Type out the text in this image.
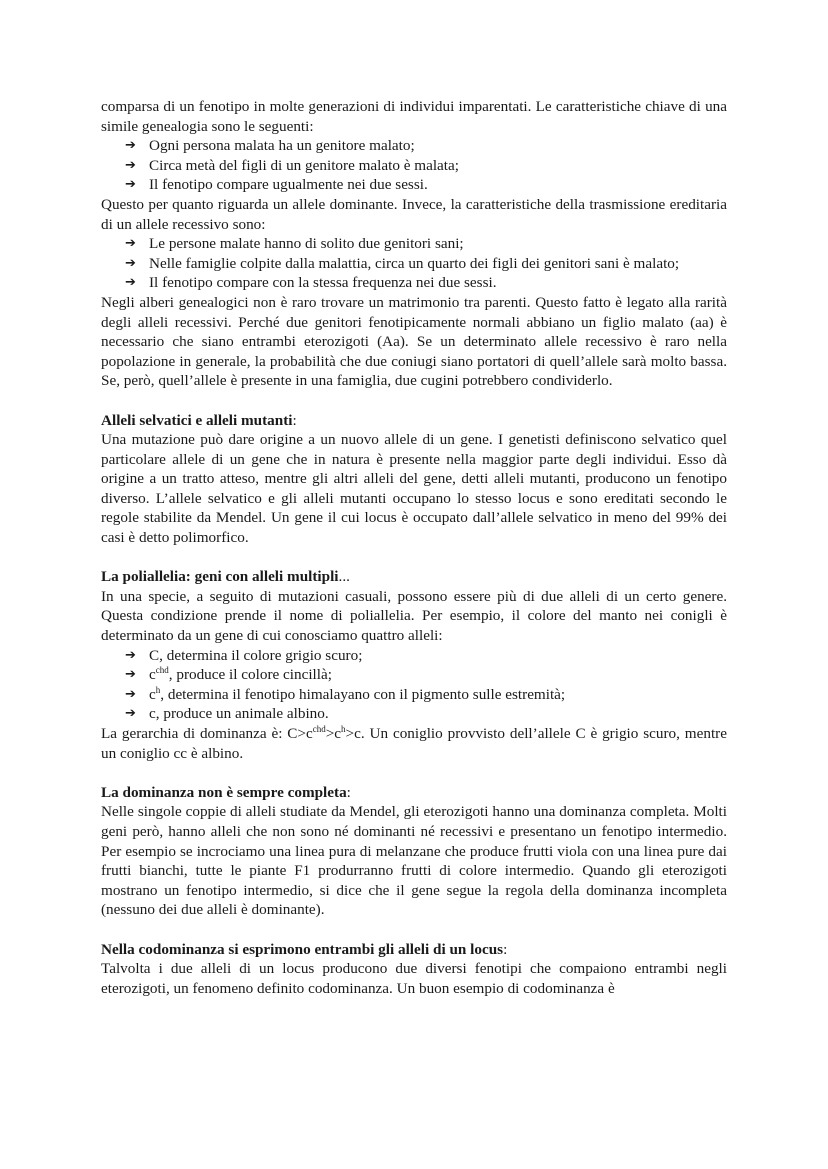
comparsa di un fenotipo in molte generazioni di individui imparentati. Le caratteristiche chiave di una simile genealogia sono le seguenti:

➔ Ogni persona malata ha un genitore malato;
➔ Circa metà del figli di un genitore malato è malata;
➔ Il fenotipo compare ugualmente nei due sessi.

Questo per quanto riguarda un allele dominante. Invece, la caratteristiche della trasmissione ereditaria di un allele recessivo sono:

➔ Le persone malate hanno di solito due genitori sani;
➔ Nelle famiglie colpite dalla malattia, circa un quarto dei figli dei genitori sani è malato;
➔ Il fenotipo compare con la stessa frequenza nei due sessi.

Negli alberi genealogici non è raro trovare un matrimonio tra parenti. Questo fatto è legato alla rarità degli alleli recessivi. Perché due genitori fenotipicamente normali abbiano un figlio malato (aa) è necessario che siano entrambi eterozigoti (Aa). Se un determinato allele recessivo è raro nella popolazione in generale, la probabilità che due coniugi siano portatori di quell’allele sarà molto bassa. Se, però, quell’allele è presente in una famiglia, due cugini potrebbero condividerlo.

Alleli selvatici e alleli mutanti:

Una mutazione può dare origine a un nuovo allele di un gene. I genetisti definiscono selvatico quel particolare allele di un gene che in natura è presente nella maggior parte degli individui. Esso dà origine a un tratto atteso, mentre gli altri alleli del gene, detti alleli mutanti, producono un fenotipo diverso. L’allele selvatico e gli alleli mutanti occupano lo stesso locus e sono ereditati secondo le regole stabilite da Mendel. Un gene il cui locus è occupato dall’allele selvatico in meno del 99% dei casi è detto polimorfico.

La poliallelia: geni con alleli multipli...

In una specie, a seguito di mutazioni casuali, possono essere più di due alleli di un certo genere. Questa condizione prende il nome di poliallelia. Per esempio, il colore del manto nei conigli è determinato da un gene di cui conosciamo quattro alleli:

➔ C, determina il colore grigio scuro;
➔ $c^{chd}$, produce il colore cincillà;
➔ $c^h$, determina il fenotipo himalayano con il pigmento sulle estremità;
➔ c, produce un animale albino.

La gerarchia di dominanza è: $C>c^{chd}>c^h>c$. Un coniglio provvisto dell’allele C è grigio scuro, mentre un coniglio cc è albino.

La dominanza non è sempre completa:

Nelle singole coppie di alleli studiate da Mendel, gli eterozigoti hanno una dominanza completa. Molti geni però, hanno alleli che non sono né dominanti né recessivi e presentano un fenotipo intermedio. Per esempio se incrociamo una linea pura di melanzane che produce frutti viola con una linea pure dai frutti bianchi, tutte le piante F1 produrranno frutti di colore intermedio. Quando gli eterozigoti mostrano un fenotipo intermedio, si dice che il gene segue la regola della dominanza incompleta (nessuno dei due alleli è dominante).

Nella codominanza si esprimono entrambi gli alleli di un locus:

Talvolta i due alleli di un locus producono due diversi fenotipi che compaiono entrambi negli eterozigoti, un fenomeno definito codominanza. Un buon esempio di codominanza è
